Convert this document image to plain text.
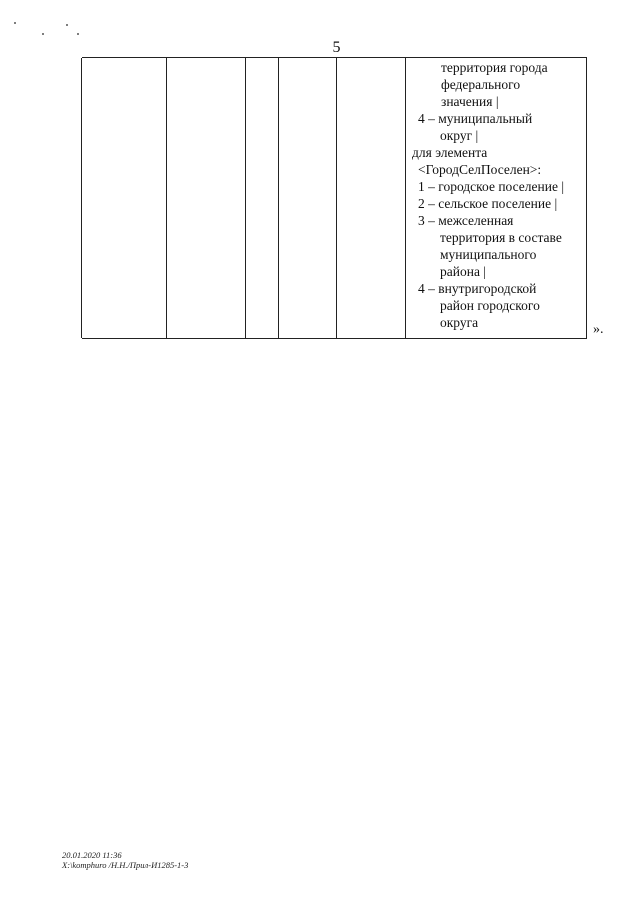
5
территория города
федерального
значения |
4 – муниципальный
округ |
для элемента
<ГородСелПоселен>:
1 – городское поселение |
2 – сельское поселение |
3 – межселенная
территория в составе
муниципального
района |
4 – внутригородской
район городского
округа	».
20.01.2020 11:36
X:\komphuro /Н.Н./Прил-И1285-1-3
